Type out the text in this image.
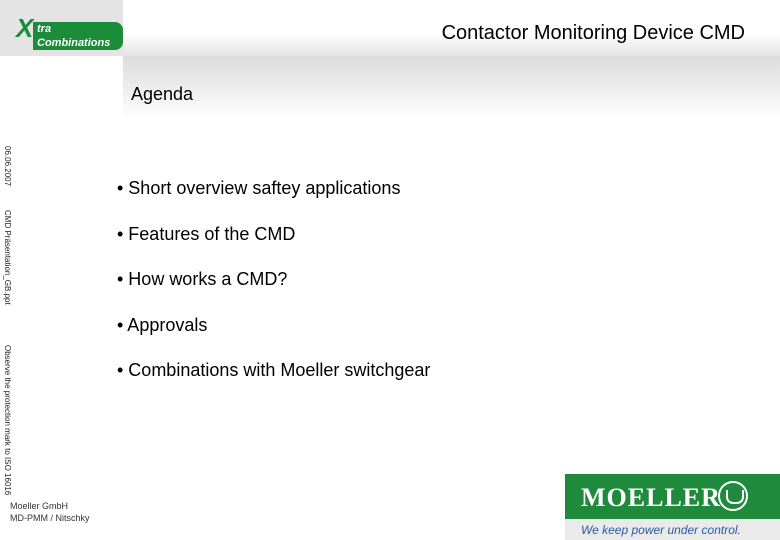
X tra Combinations	Contactor Monitoring Device CMD
Agenda
06.06.2007
CMD Präsentation_GB.ppt
Observe the protection mark to ISO 16016
• Short overview saftey applications
• Features of the CMD
• How works a CMD?
• Approvals
• Combinations with Moeller switchgear
Moeller GmbH
MD-PMM / Nitschky
MOELLER
We keep power under control.
